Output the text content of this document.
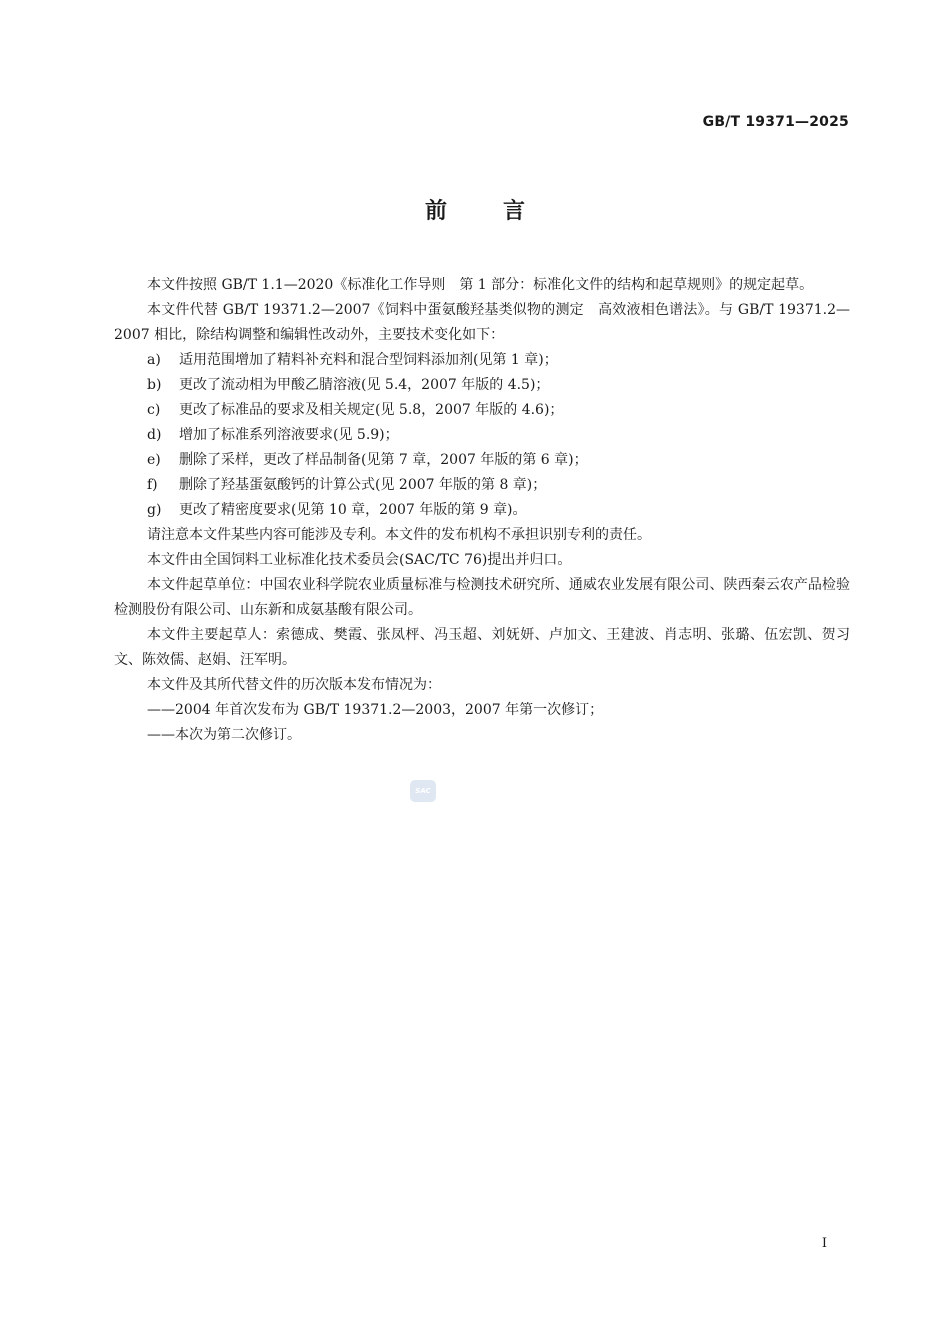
GB/T 19371—2025
前	言

本文件按照 GB/T 1.1—2020《标准化工作导则　第 1 部分：标准化文件的结构和起草规则》的规定起草。

本文件代替 GB/T 19371.2—2007《饲料中蛋氨酸羟基类似物的测定　高效液相色谱法》。与 GB/T 19371.2—2007 相比，除结构调整和编辑性改动外，主要技术变化如下：

a) 适用范围增加了精料补充料和混合型饲料添加剂(见第 1 章)；

b) 更改了流动相为甲酸乙腈溶液(见 5.4，2007 年版的 4.5)；

c) 更改了标准品的要求及相关规定(见 5.8，2007 年版的 4.6)；

d) 增加了标准系列溶液要求(见 5.9)；

e) 删除了采样，更改了样品制备(见第 7 章，2007 年版的第 6 章)；

f) 删除了羟基蛋氨酸钙的计算公式(见 2007 年版的第 8 章)；

g) 更改了精密度要求(见第 10 章，2007 年版的第 9 章)。

请注意本文件某些内容可能涉及专利。本文件的发布机构不承担识别专利的责任。

本文件由全国饲料工业标准化技术委员会(SAC/TC 76)提出并归口。

本文件起草单位：中国农业科学院农业质量标准与检测技术研究所、通威农业发展有限公司、陕西秦云农产品检验检测股份有限公司、山东新和成氨基酸有限公司。

本文件主要起草人：索德成、樊霞、张凤枰、冯玉超、刘妩妍、卢加文、王建波、肖志明、张璐、伍宏凯、贺习文、陈效儒、赵娟、汪军明。

本文件及其所代替文件的历次版本发布情况为：

——2004 年首次发布为 GB/T 19371.2—2003，2007 年第一次修订；

——本次为第二次修订。

SAC
I
